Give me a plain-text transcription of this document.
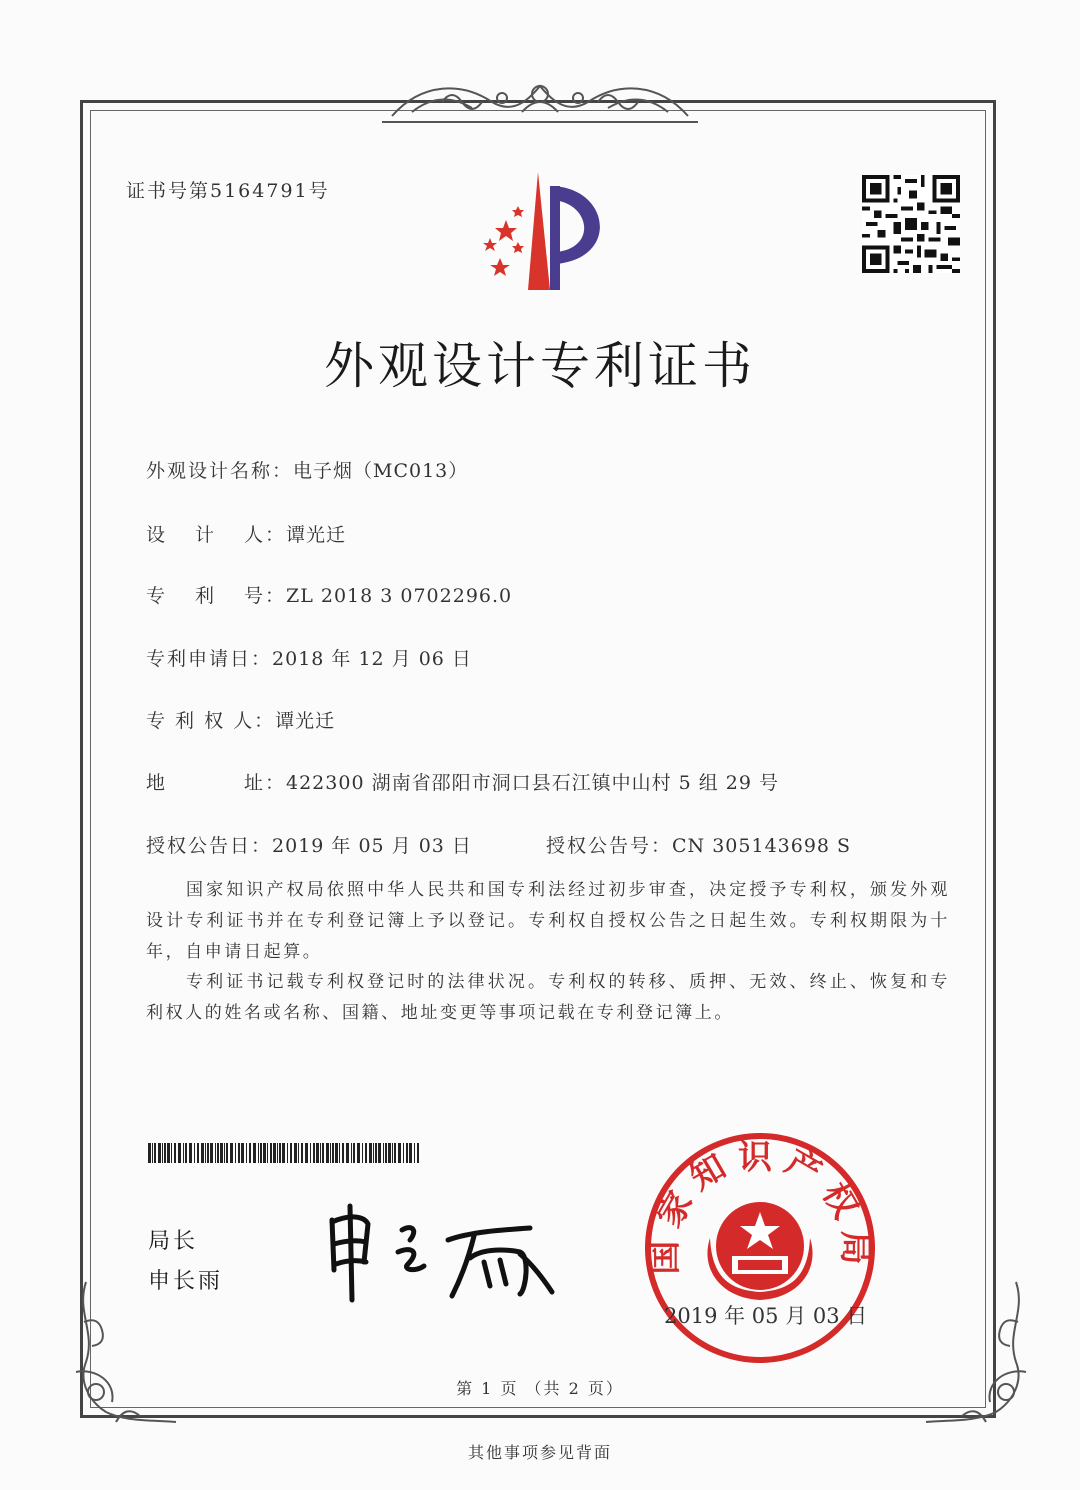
证书号第5164791号
外观设计专利证书
外观设计名称：电子烟（MC013）
设 计 人： 谭光迁
专 利 号： ZL 2018 3 0702296.0
专利申请日：2018 年 12 月 06 日
专 利 权 人：谭光迁
地	址： 422300 湖南省邵阳市洞口县石江镇中山村 5 组 29 号
授权公告日：2019 年 05 月 03 日	授权公告号：CN 305143698 S
国家知识产权局依照中华人民共和国专利法经过初步审查，决定授予专利权，颁发外观设计专利证书并在专利登记簿上予以登记。专利权自授权公告之日起生效。专利权期限为十年，自申请日起算。
专利证书记载专利权登记时的法律状况。专利权的转移、质押、无效、终止、恢复和专利权人的姓名或名称、国籍、地址变更等事项记载在专利登记簿上。
局长
申长雨
国家知识产权局
2019 年 05 月 03 日
第 1 页 （共 2 页）
其他事项参见背面
